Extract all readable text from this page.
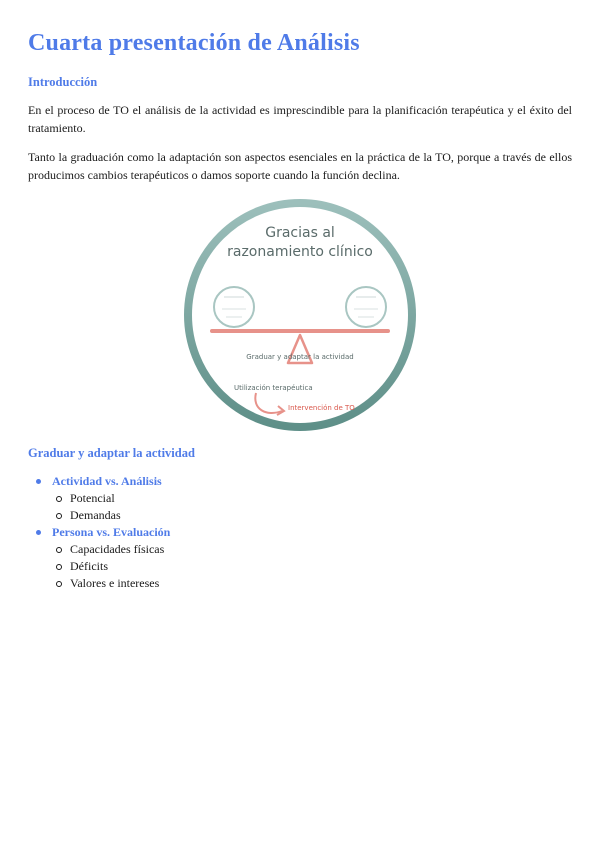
Cuarta presentación de Análisis
Introducción

En el proceso de TO el análisis de la actividad es imprescindible para la planificación terapéutica y el éxito del tratamiento.

Tanto la graduación como la adaptación son aspectos esenciales en la práctica de la TO, porque a través de ellos producimos cambios terapéuticos o damos soporte cuando la función declina.

Gracias al
razonamiento clínico
Graduar y adaptar la actividad
Utilización terapéutica
Intervención de TO
Graduar y adaptar la actividad
Actividad vs. Análisis
Potencial
Demandas
Persona vs. Evaluación
Capacidades físicas
Déficits
Valores e intereses
